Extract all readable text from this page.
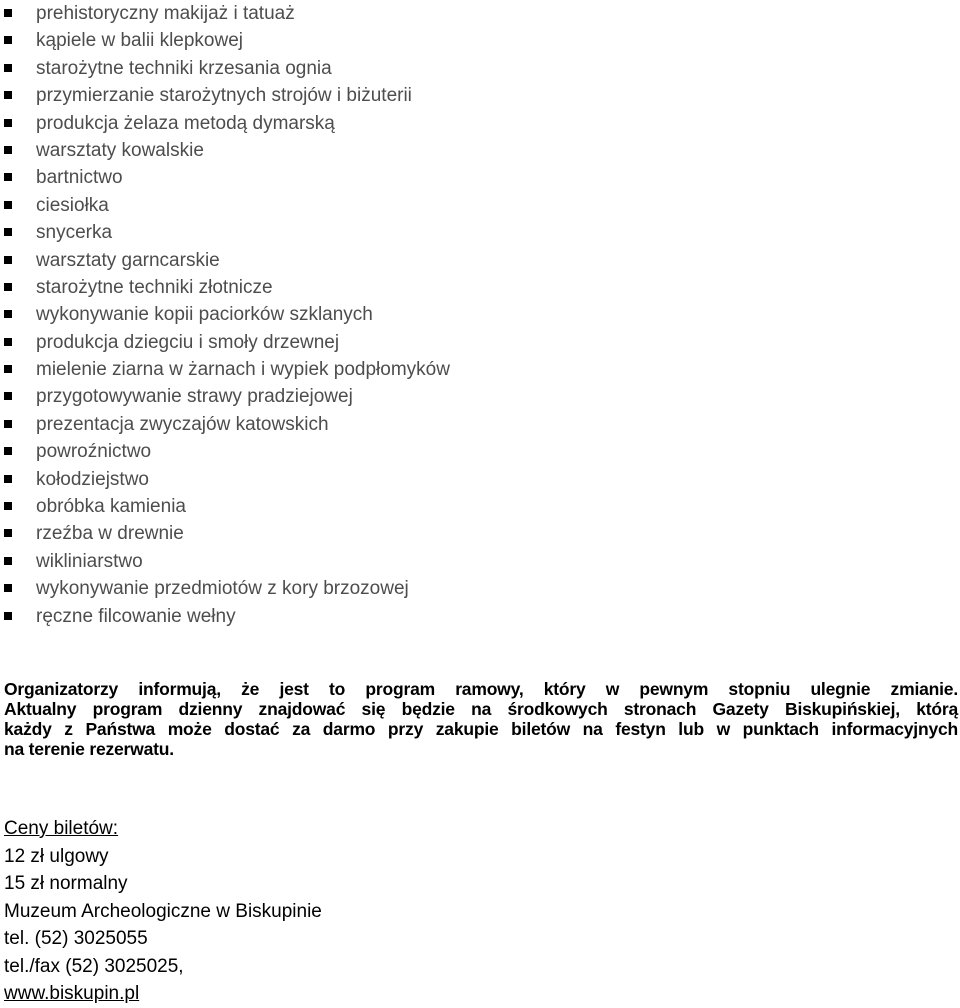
prehistoryczny makijaż i tatuaż
kąpiele w balii klepkowej
starożytne techniki krzesania ognia
przymierzanie starożytnych strojów i biżuterii
produkcja żelaza metodą dymarską
warsztaty kowalskie
bartnictwo
ciesiołka
snycerka
warsztaty garncarskie
starożytne techniki złotnicze
wykonywanie kopii paciorków szklanych
produkcja dziegciu i smoły drzewnej
mielenie ziarna w żarnach i wypiek podpłomyków
przygotowywanie strawy pradziejowej
prezentacja zwyczajów katowskich
powroźnictwo
kołodziejstwo
obróbka kamienia
rzeźba w drewnie
wikliniarstwo
wykonywanie przedmiotów z kory brzozowej
ręczne filcowanie wełny
Organizatorzy informują, że jest to program ramowy, który w pewnym stopniu ulegnie zmianie.
Aktualny program dzienny znajdować się będzie na środkowych stronach Gazety Biskupińskiej, którą
każdy z Państwa może dostać za darmo przy zakupie biletów na festyn lub w punktach informacyjnych
na terenie rezerwatu.
Ceny biletów:
12 zł ulgowy
15 zł normalny
Muzeum Archeologiczne w Biskupinie
tel. (52) 3025055
tel./fax (52) 3025025,
www.biskupin.pl
